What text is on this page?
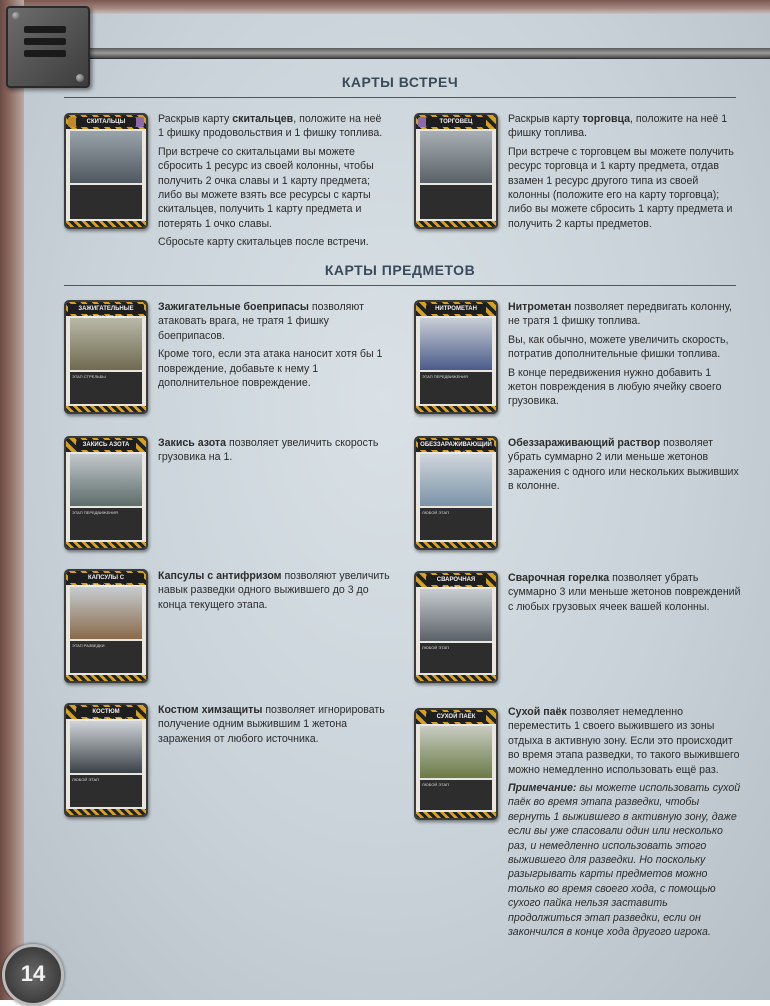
КАРТЫ ВСТРЕЧ
СКИТАЛЬЦЫ	Раскрыв карту скитальцев, положите на неё 1 фишку продовольствия и 1 фишку топлива.

При встрече со скитальцами вы можете сбросить 1 ресурс из своей колонны, чтобы получить 2 очка славы и 1 карту предмета; либо вы можете взять все ресурсы с карты скитальцев, получить 1 карту предмета и потерять 1 очко славы.

Сбросьте карту скитальцев после встречи.

ТОРГОВЕЦ	Раскрыв карту торговца, положите на неё 1 фишку топлива.

При встрече с торговцем вы можете получить ресурс торговца и 1 карту предмета, отдав взамен 1 ресурс другого типа из своей колонны (положите его на карту торговца); либо вы можете сбросить 1 карту предмета и получить 2 карты предметов.

КАРТЫ ПРЕДМЕТОВ
ЗАЖИГАТЕЛЬНЫЕ
ЭТАП СТРЕЛЬБЫ

Зажигательные боеприпасы позволяют атаковать врага, не тратя 1 фишку боеприпасов.

Кроме того, если эта атака наносит хотя бы 1 повреждение, добавьте к нему 1 дополнительное повреждение.

НИТРОМЕТАН
ЭТАП ПЕРЕДВИЖЕНИЯ

Нитрометан позволяет передвигать колонну, не тратя 1 фишку топлива.

Вы, как обычно, можете увеличить скорость, потратив дополнительные фишки топлива.

В конце передвижения нужно добавить 1 жетон повреждения в любую ячейку своего грузовика.

ЗАКИСЬ АЗОТА
ЭТАП ПЕРЕДВИЖЕНИЯ

Закись азота позволяет увеличить скорость грузовика на 1.

ОБЕЗЗАРАЖИВАЮЩИЙ
ЛЮБОЙ ЭТАП

Обеззараживающий раствор позволяет убрать суммарно 2 или меньше жетонов заражения с одного или нескольких выживших в колонне.

КАПСУЛЫ С
ЭТАП РАЗВЕДКИ

Капсулы с антифризом позволяют увеличить навык разведки одного выжившего до 3 до конца текущего этапа.

СВАРОЧНАЯ
ЛЮБОЙ ЭТАП

Сварочная горелка позволяет убрать суммарно 3 или меньше жетонов повреждений с любых грузовых ячеек вашей колонны.

КОСТЮМ
ЛЮБОЙ ЭТАП

Костюм химзащиты позволяет игнорировать получение одним выжившим 1 жетона заражения от любого источника.

СУХОЙ ПАЁК
ЛЮБОЙ ЭТАП

Сухой паёк позволяет немедленно переместить 1 своего выжившего из зоны отдыха в активную зону. Если это происходит во время этапа разведки, то такого выжившего можно немедленно использовать ещё раз.

Примечание: вы можете использовать сухой паёк во время этапа разведки, чтобы вернуть 1 выжившего в активную зону, даже если вы уже спасовали один или несколько раз, и немедленно использовать этого выжившего для разведки. Но поскольку разыгрывать карты предметов можно только во время своего хода, с помощью сухого пайка нельзя заставить продолжиться этап разведки, если он закончился в конце хода другого игрока.

14
